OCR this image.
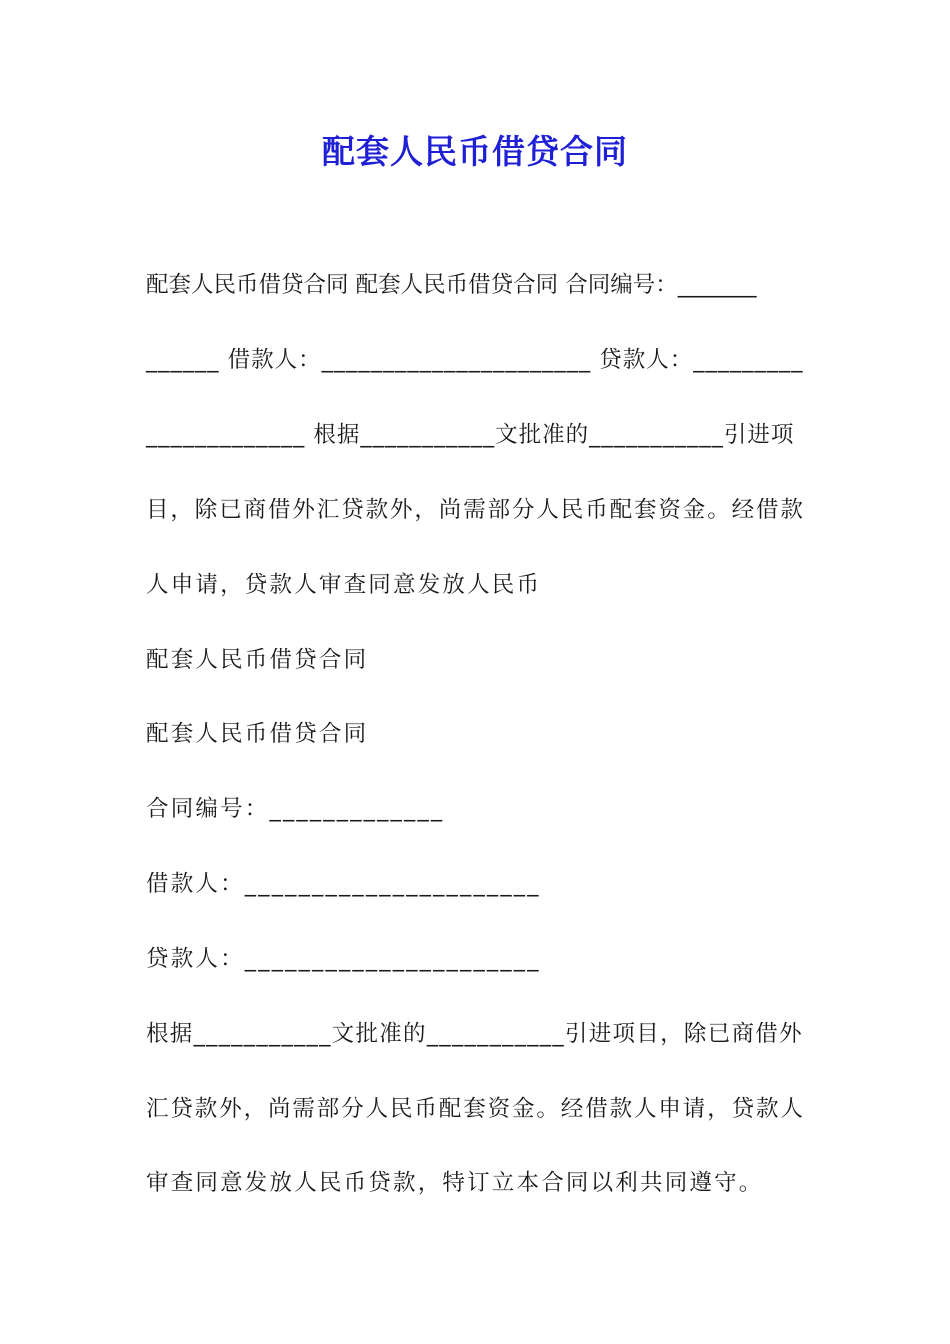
配套人民币借贷合同
配套人民币借贷合同 配套人民币借贷合同 合同编号：_______
______ 借款人：______________________ 贷款人：_________
_____________ 根据___________文批准的___________引进项
目，除已商借外汇贷款外，尚需部分人民币配套资金。经借款
人申请，贷款人审查同意发放人民币
配套人民币借贷合同
配套人民币借贷合同
合同编号：_____________
借款人：______________________
贷款人：______________________
根据___________文批准的___________引进项目，除已商借外
汇贷款外，尚需部分人民币配套资金。经借款人申请，贷款人
审查同意发放人民币贷款，特订立本合同以利共同遵守。
